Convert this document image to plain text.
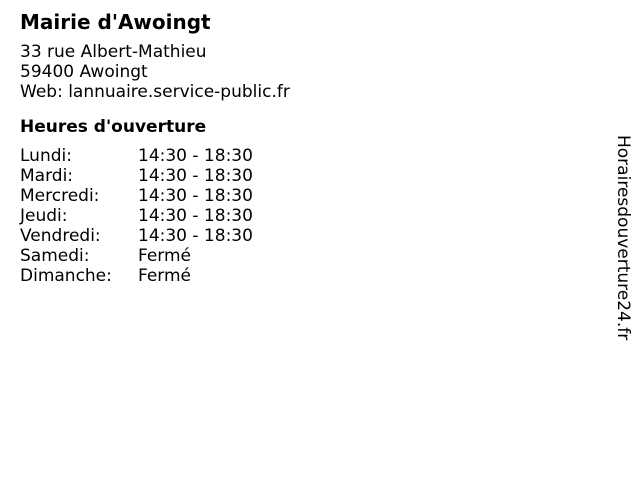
Mairie d'Awoingt
33 rue Albert-Mathieu
59400 Awoingt
Web: lannuaire.service-public.fr
Heures d'ouverture
Lundi:	14:30 - 18:30
Mardi:	14:30 - 18:30
Mercredi:	14:30 - 18:30
Jeudi:	14:30 - 18:30
Vendredi:	14:30 - 18:30
Samedi:	Fermé
Dimanche:	Fermé	Horairesdouverture24.fr
